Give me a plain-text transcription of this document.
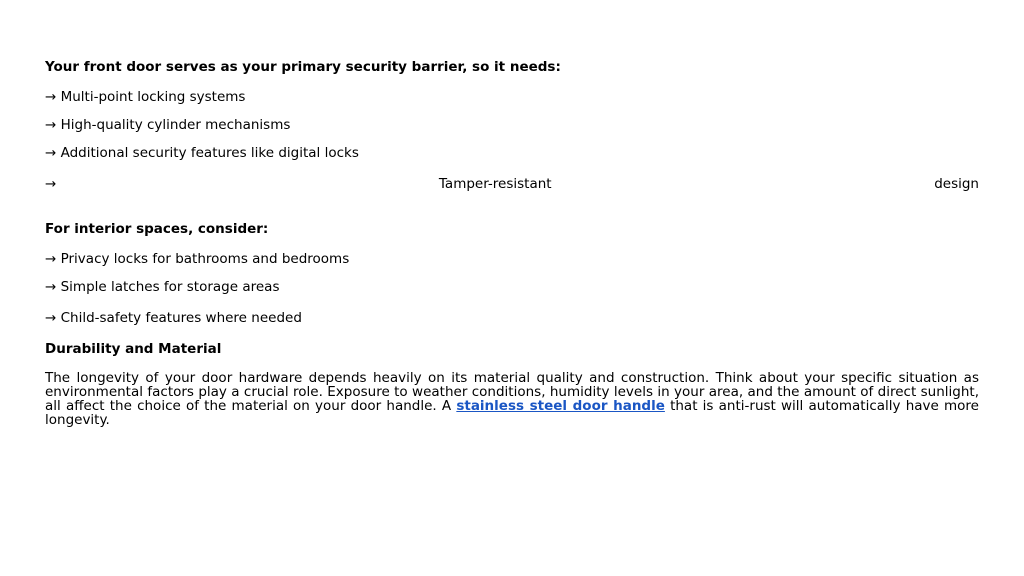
Your front door serves as your primary security barrier, so it needs:
→ Multi-point locking systems
→ High-quality cylinder mechanisms
→ Additional security features like digital locks
→	Tamper-resistant	design
For interior spaces, consider:
→ Privacy locks for bathrooms and bedrooms
→ Simple latches for storage areas
→ Child-safety features where needed
Durability and Material
The longevity of your door hardware depends heavily on its material quality and construction. Think about your specific situation as environmental factors play a crucial role. Exposure to weather conditions, humidity levels in your area, and the amount of direct sunlight, all affect the choice of the material on your door handle. A stainless steel door handle that is anti-rust will automatically have more longevity.
